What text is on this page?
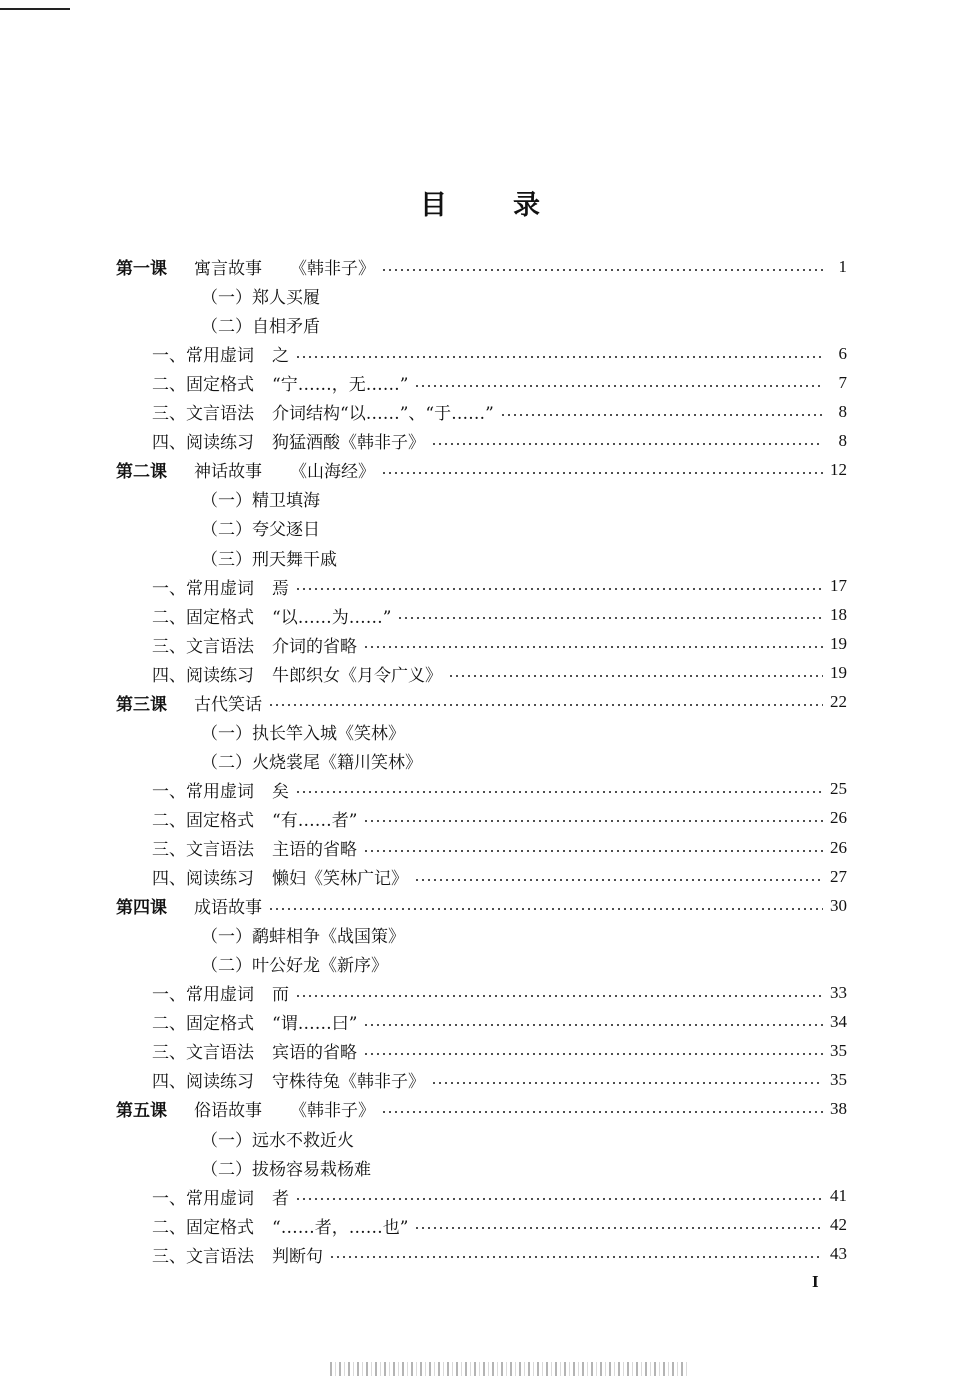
目录
第一课	寓言故事 《韩非子》	1
（一）郑人买履
（二）自相矛盾
一、常用虚词	之	6
二、固定格式	“宁……，无……”	7
三、文言语法	介词结构“以……”、“于……”	8
四、阅读练习	狗猛酒酸《韩非子》	8
第二课	神话故事 《山海经》	12
（一）精卫填海
（二）夸父逐日
（三）刑天舞干戚
一、常用虚词	焉	17
二、固定格式	“以……为……”	18
三、文言语法	介词的省略	19
四、阅读练习	牛郎织女《月令广义》	19
第三课	古代笑话	22
（一）执长竿入城《笑林》
（二）火烧裳尾《籍川笑林》
一、常用虚词	矣	25
二、固定格式	“有……者”	26
三、文言语法	主语的省略	26
四、阅读练习	懒妇《笑林广记》	27
第四课	成语故事	30
（一）鹬蚌相争《战国策》
（二）叶公好龙《新序》
一、常用虚词	而	33
二、固定格式	“谓……曰”	34
三、文言语法	宾语的省略	35
四、阅读练习	守株待兔《韩非子》	35
第五课	俗语故事 《韩非子》	38
（一）远水不救近火
（二）拔杨容易栽杨难
一、常用虚词	者	41
二、固定格式	“……者，……也”	42
三、文言语法	判断句	43
I
